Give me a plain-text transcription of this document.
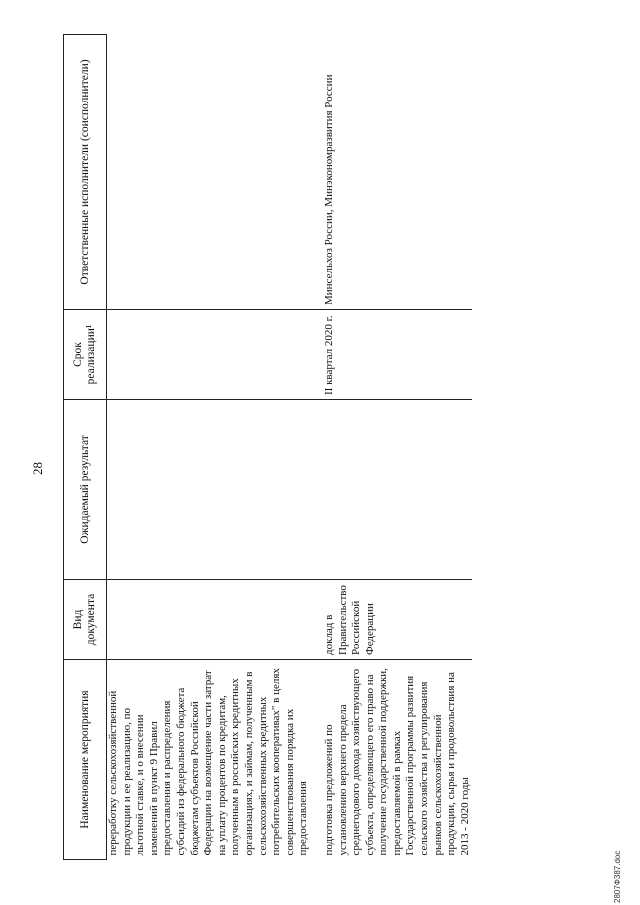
28
Наименование мероприятия	Вид документа	Ожидаемый результат	Срок реализации¹	Ответственные исполнители (соисполнители)
переработку сельскохозяйственной продукции и ее реализацию, по льготной ставке, и о внесении изменений в пункт 9 Правил предоставления и распределения субсидий из федерального бюджета бюджетам субъектов Российской Федерации на возмещение части затрат на уплату процентов по кредитам, полученным в российских кредитных организациях, и займам, полученным в сельскохозяйственных кредитных потребительских кооперативах" в целях совершенствования порядка их предоставления				
подготовка предложений по установлению верхнего предела среднегодового дохода хозяйствующего субъекта, определяющего его право на получение государственной поддержки, предоставляемой в рамках Государственной программы развития сельского хозяйства и регулирования рынков сельскохозяйственной продукции, сырья и продовольствия на 2013 - 2020 годы	доклад в Правительство Российской Федерации		II квартал 2020 г.	Минсельхоз России, Минэкономразвития России
2807Ф387.doc
